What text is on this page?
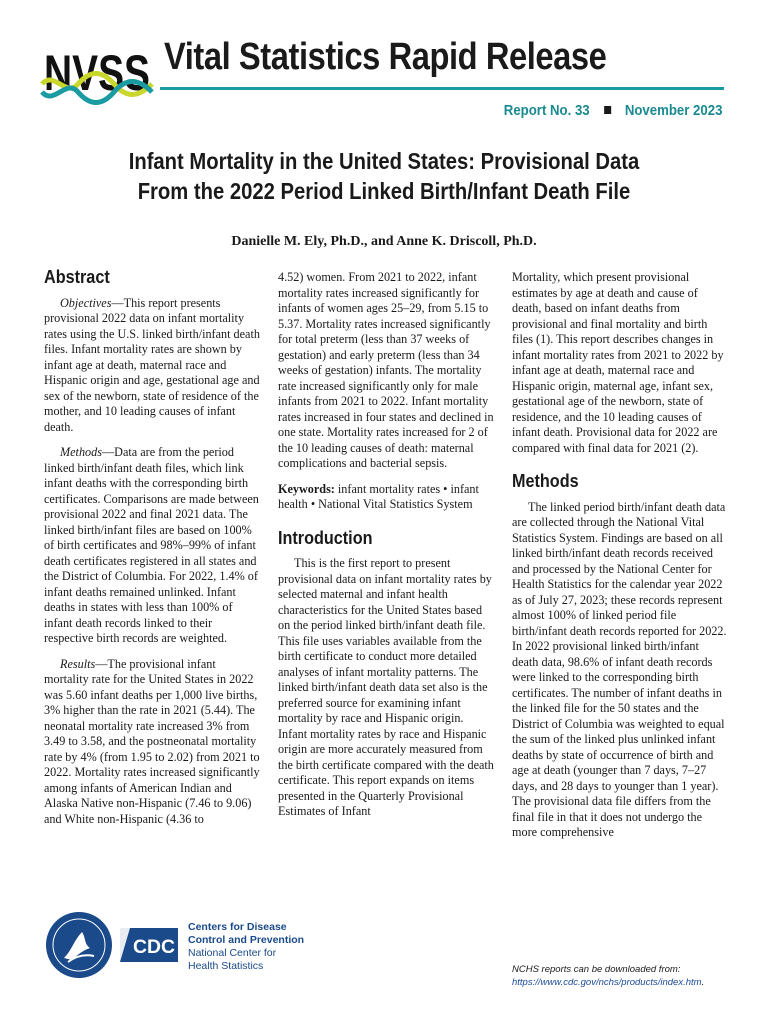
NVSS Vital Statistics Rapid Release
Report No. 33 November 2023
Infant Mortality in the United States: Provisional Data
From the 2022 Period Linked Birth/Infant Death File
Danielle M. Ely, Ph.D., and Anne K. Driscoll, Ph.D.
Abstract

Objectives—This report presents provisional 2022 data on infant mortality rates using the U.S. linked birth/infant death files. Infant mortality rates are shown by infant age at death, maternal race and Hispanic origin and age, gestational age and sex of the newborn, state of residence of the mother, and 10 leading causes of infant death.

Methods—Data are from the period linked birth/infant death files, which link infant deaths with the corresponding birth certificates. Comparisons are made between provisional 2022 and final 2021 data. The linked birth/infant files are based on 100% of birth certificates and 98%–99% of infant death certificates registered in all states and the District of Columbia. For 2022, 1.4% of infant deaths remained unlinked. Infant deaths in states with less than 100% of infant death records linked to their respective birth records are weighted.

Results—The provisional infant mortality rate for the United States in 2022 was 5.60 infant deaths per 1,000 live births, 3% higher than the rate in 2021 (5.44). The neonatal mortality rate increased 3% from 3.49 to 3.58, and the postneonatal mortality rate by 4% (from 1.95 to 2.02) from 2021 to 2022. Mortality rates increased significantly among infants of American Indian and Alaska Native non-Hispanic (7.46 to 9.06) and White non-Hispanic (4.36 to

4.52) women. From 2021 to 2022, infant mortality rates increased significantly for infants of women ages 25–29, from 5.15 to 5.37. Mortality rates increased significantly for total preterm (less than 37 weeks of gestation) and early preterm (less than 34 weeks of gestation) infants. The mortality rate increased significantly only for male infants from 2021 to 2022. Infant mortality rates increased in four states and declined in one state. Mortality rates increased for 2 of the 10 leading causes of death: maternal complications and bacterial sepsis.

Keywords: infant mortality rates • infant health • National Vital Statistics System

Introduction

This is the first report to present provisional data on infant mortality rates by selected maternal and infant health characteristics for the United States based on the period linked birth/infant death file. This file uses variables available from the birth certificate to conduct more detailed analyses of infant mortality patterns. The linked birth/infant death data set also is the preferred source for examining infant mortality by race and Hispanic origin. Infant mortality rates by race and Hispanic origin are more accurately measured from the birth certificate compared with the death certificate. This report expands on items presented in the Quarterly Provisional Estimates of Infant

Mortality, which present provisional estimates by age at death and cause of death, based on infant deaths from provisional and final mortality and birth files (1). This report describes changes in infant mortality rates from 2021 to 2022 by infant age at death, maternal race and Hispanic origin, maternal age, infant sex, gestational age of the newborn, state of residence, and the 10 leading causes of infant death. Provisional data for 2022 are compared with final data for 2021 (2).

Methods

The linked period birth/infant death data are collected through the National Vital Statistics System. Findings are based on all linked birth/infant death records received and processed by the National Center for Health Statistics for the calendar year 2022 as of July 27, 2023; these records represent almost 100% of linked period file birth/infant death records reported for 2022. In 2022 provisional linked birth/infant death data, 98.6% of infant death records were linked to the corresponding birth certificates. The number of infant deaths in the linked file for the 50 states and the District of Columbia was weighted to equal the sum of the linked plus unlinked infant deaths by state of occurrence of birth and age at death (younger than 7 days, 7–27 days, and 28 days to younger than 1 year). The provisional data file differs from the final file in that it does not undergo the more comprehensive

CDC
Centers for Disease
Control and Prevention
National Center for
Health Statistics	NCHS reports can be downloaded from:
https://www.cdc.gov/nchs/products/index.htm.
